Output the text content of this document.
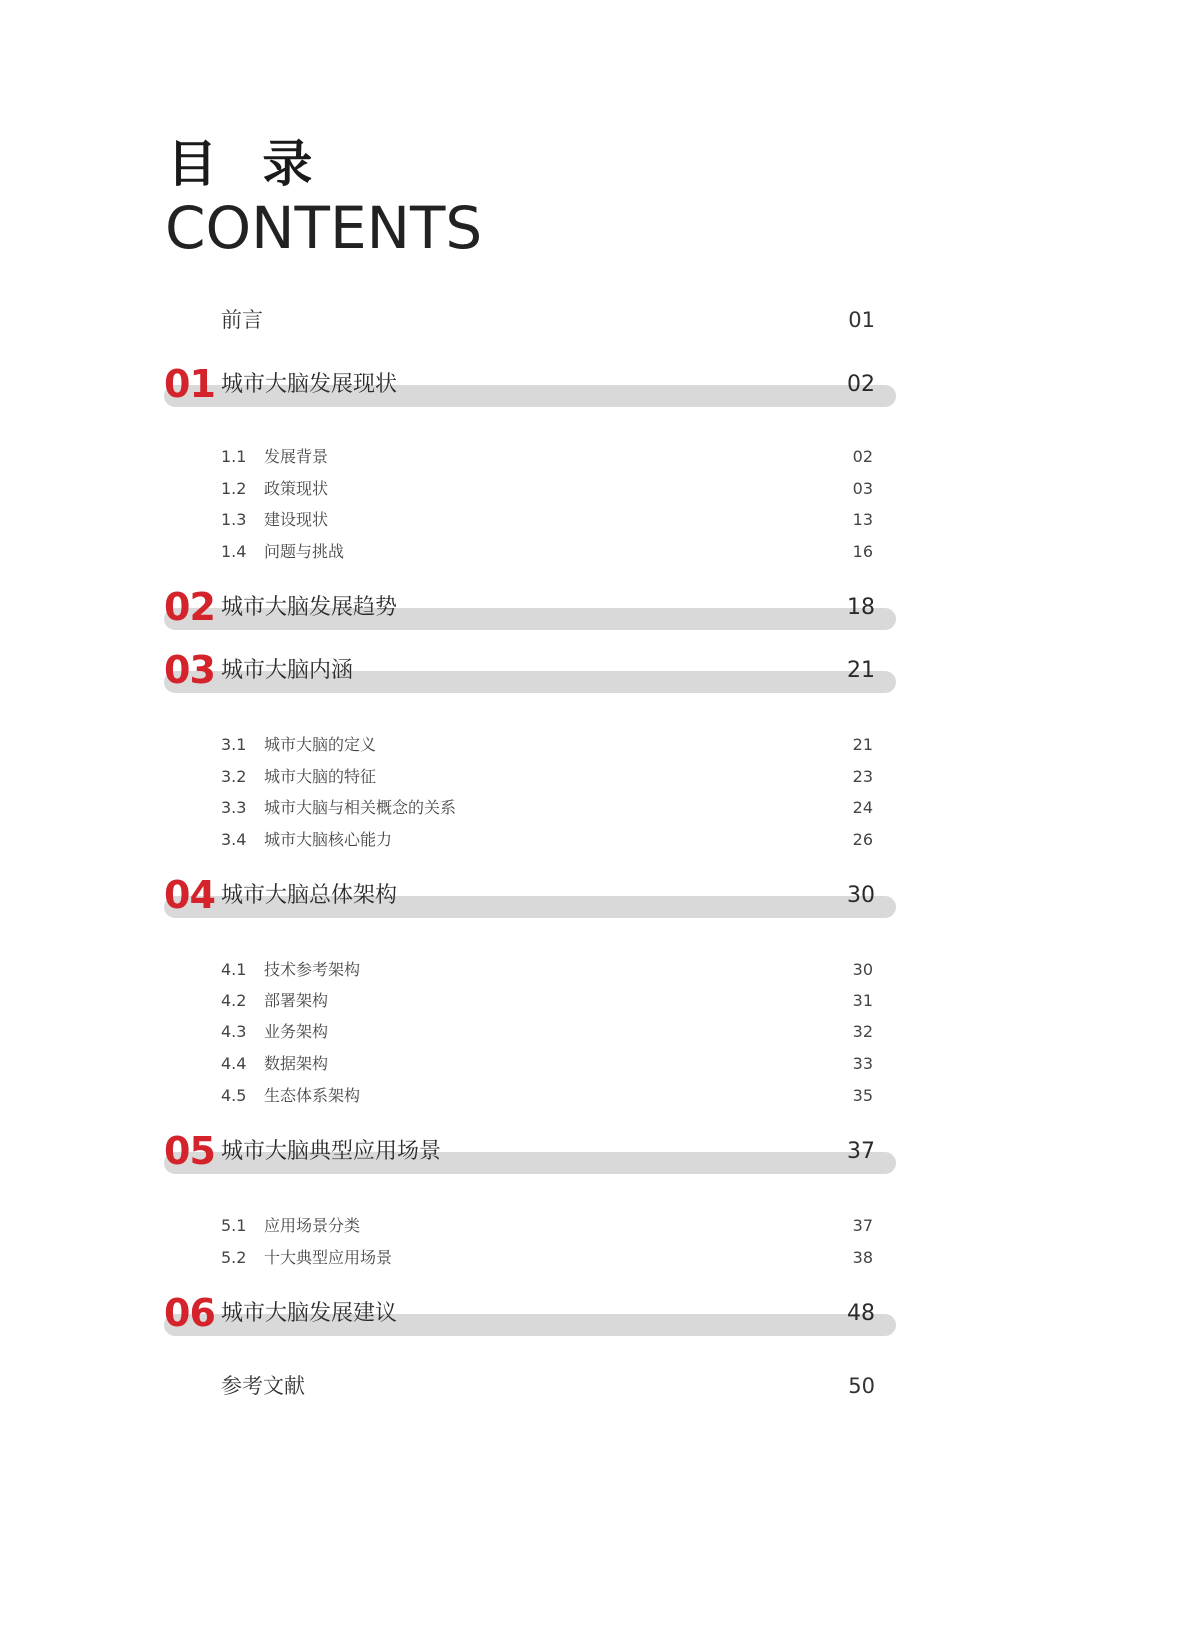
目 录
CONTENTS
前言	01
01 城市大脑发展现状	02
1.1 发展背景	02
1.2 政策现状	03
1.3 建设现状	13
1.4 问题与挑战	16
02 城市大脑发展趋势	18
03 城市大脑内涵	21
3.1 城市大脑的定义	21
3.2 城市大脑的特征	23
3.3 城市大脑与相关概念的关系	24
3.4 城市大脑核心能力	26
04 城市大脑总体架构	30
4.1 技术参考架构	30
4.2 部署架构	31
4.3 业务架构	32
4.4 数据架构	33
4.5 生态体系架构	35
05 城市大脑典型应用场景	37
5.1 应用场景分类	37
5.2 十大典型应用场景	38
06 城市大脑发展建议	48
参考文献	50
